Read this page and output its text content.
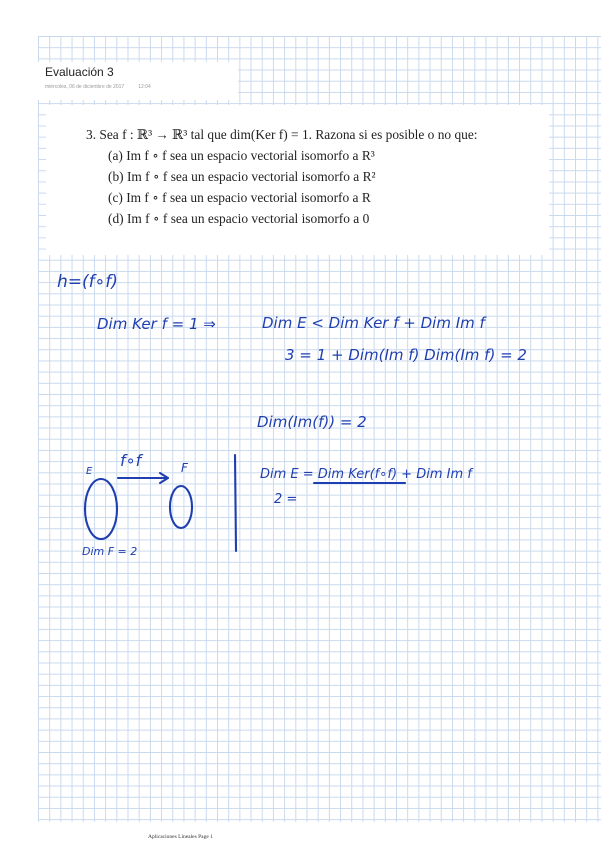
Evaluación 3
miércoles, 06 de diciembre de 2017	12:04
3. Sea f : ℝ³ → ℝ³ tal que dim(Ker f) = 1. Razona si es posible o no que:
(a) Im f ∘ f sea un espacio vectorial isomorfo a R³
(b) Im f ∘ f sea un espacio vectorial isomorfo a R²
(c) Im f ∘ f sea un espacio vectorial isomorfo a R
(d) Im f ∘ f sea un espacio vectorial isomorfo a 0
h=(f∘f)
Dim Ker f = 1 ⇒	Dim E < Dim Ker f + Dim Im f
3 = 1 + Dim(Im f) Dim(Im f) = 2
Dim(Im(f)) = 2
f∘f
E	F
Dim F = 2
Dim E = Dim Ker(f∘f) + Dim Im f
2 =
Aplicaciones Lineales Page 1
